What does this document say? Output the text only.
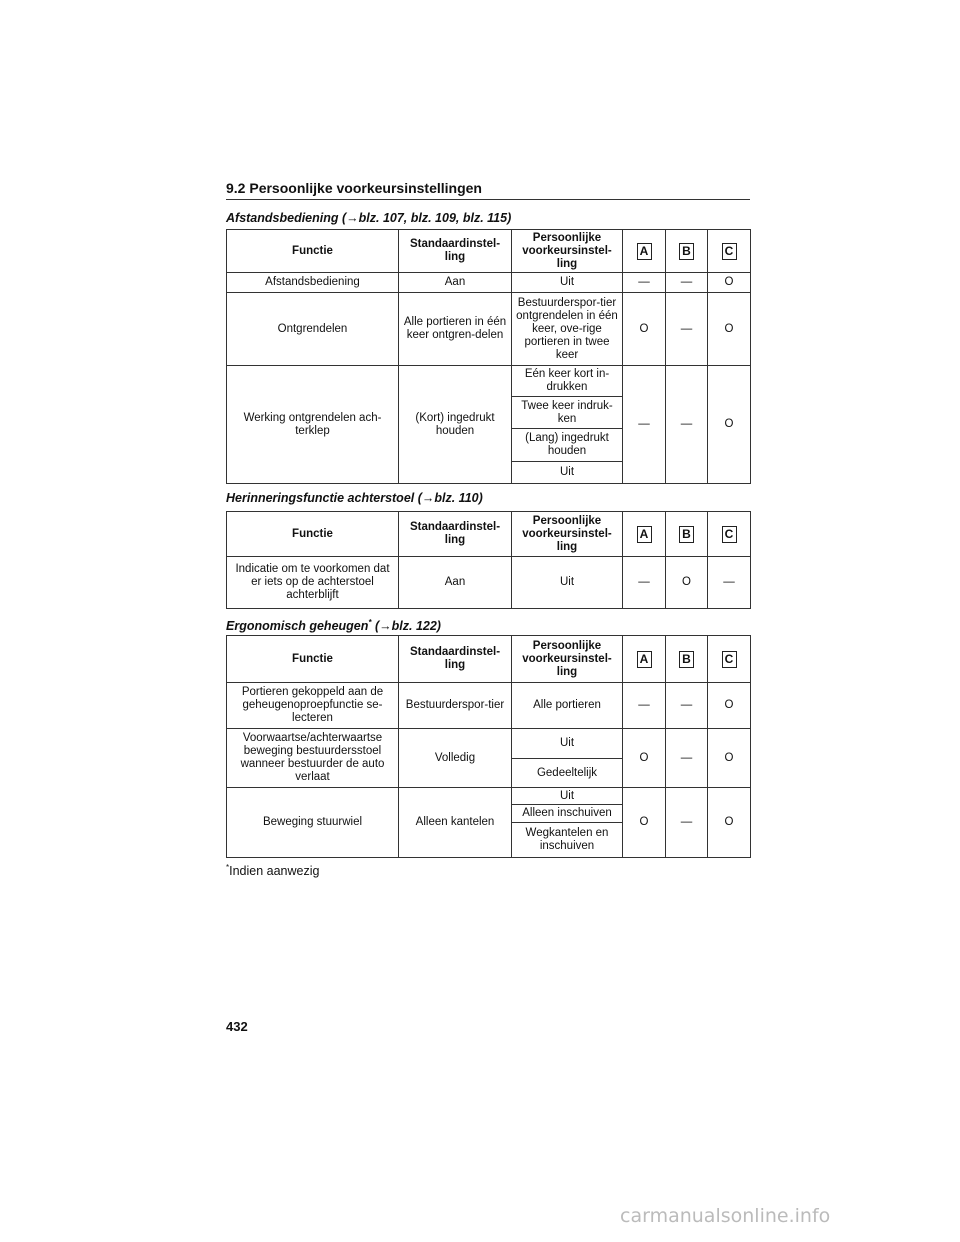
9.2 Persoonlijke voorkeursinstellingen
Afstandsbediening (→blz. 107, blz. 109, blz. 115)
Functie	Standaardinstel-ling	Persoonlijke voorkeursinstel-ling	A	B	C
Afstandsbediening	Aan	Uit	—	—	O
Ontgrendelen	Alle portieren in één keer ontgren-delen	Bestuurderspor-tier ontgrendelen in één keer, ove-rige portieren in twee keer	O	—	O
Werking ontgrendelen ach-terklep	(Kort) ingedrukt houden	Eén keer kort in-drukken	—	—	O
		Twee keer indruk-ken			
		(Lang) ingedrukt houden			
		Uit			
Herinneringsfunctie achterstoel (→blz. 110)
Functie	Standaardinstel-ling	Persoonlijke voorkeursinstel-ling	A	B	C
Indicatie om te voorkomen dat er iets op de achterstoel achterblijft	Aan	Uit	—	O	—
Ergonomisch geheugen* (→blz. 122)
Functie	Standaardinstel-ling	Persoonlijke voorkeursinstel-ling	A	B	C
Portieren gekoppeld aan de geheugenoproepfunctie se-lecteren	Bestuurderspor-tier	Alle portieren	—	—	O
Voorwaartse/achterwaartse beweging bestuurdersstoel wanneer bestuurder de auto verlaat	Volledig	Uit	O	—	O
		Gedeeltelijk			
Beweging stuurwiel	Alleen kantelen	Uit	O	—	O
		Alleen inschuiven			
		Wegkantelen en inschuiven			
*Indien aanwezig
432
carmanualsonline.info
